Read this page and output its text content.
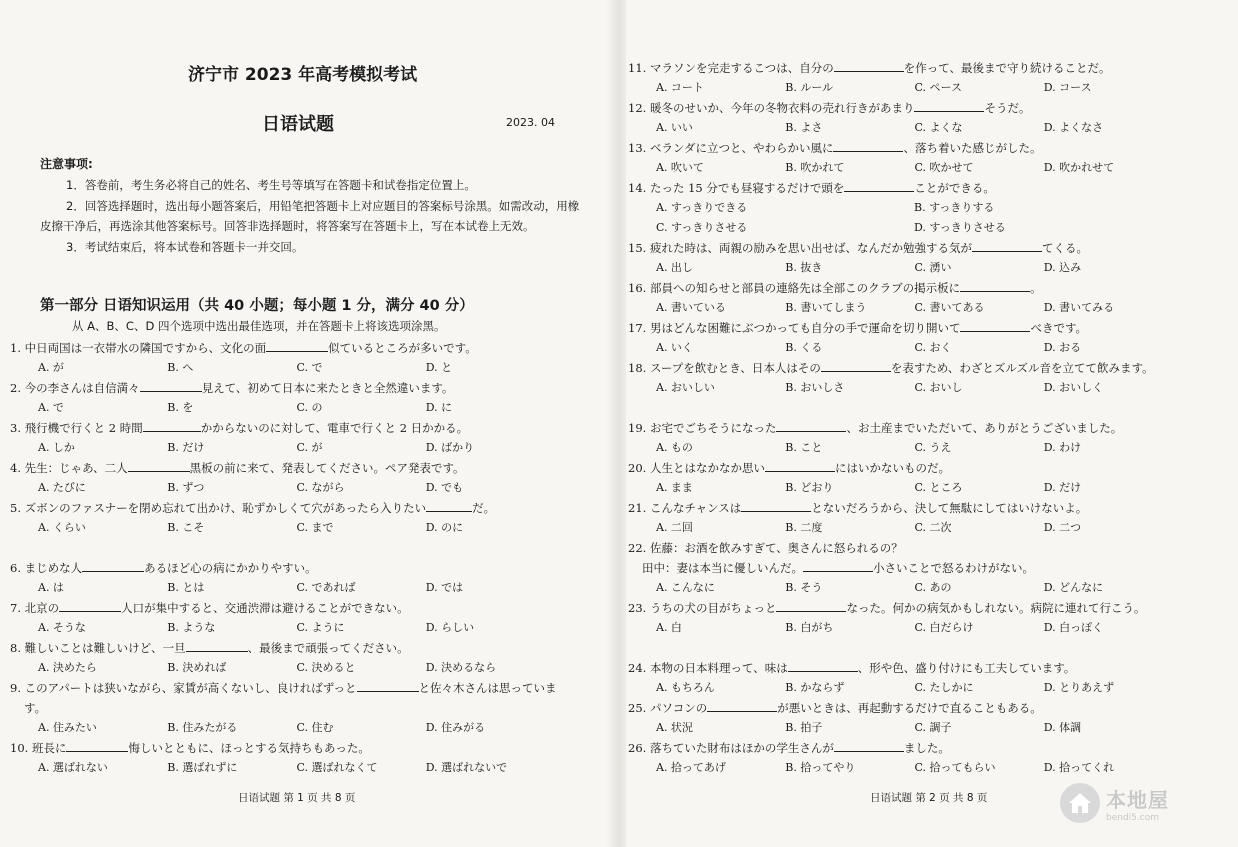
济宁市 2023 年高考模拟考试
日语试题	2023. 04
注意事项:

1．答卷前，考生务必将自己的姓名、考生号等填写在答题卡和试卷指定位置上。

2．回答选择题时，选出每小题答案后，用铅笔把答题卡上对应题目的答案标号涂黑。如需改动，用橡皮擦干净后，再选涂其他答案标号。回答非选择题时，将答案写在答题卡上，写在本试卷上无效。

3．考试结束后，将本试卷和答题卡一并交回。

第一部分 日语知识运用（共 40 小题；每小题 1 分，满分 40 分）
从 A、B、C、D 四个选项中选出最佳选项，并在答题卡上将该选项涂黑。
1. 中日両国は一衣帯水の隣国ですから、文化の面	似ているところが多いです。
A. が	B. へ	C. で	D. と
2. 今の李さんは自信満々	見えて、初めて日本に来たときと全然違います。
A. で	B. を	C. の	D. に
3. 飛行機で行くと 2 時間	かからないのに対して、電車で行くと 2 日かかる。
A. しか	B. だけ	C. が	D. ばかり
4. 先生：じゃあ、二人	黒板の前に来て、発表してください。ペア発表です。
A. たびに	B. ずつ	C. ながら	D. でも
5. ズボンのファスナーを閉め忘れて出かけ、恥ずかしくて穴があったら入りたい	だ。
A. くらい	B. こそ	C. まで	D. のに
6. まじめな人	あるほど心の病にかかりやすい。
A. は	B. とは	C. であれば	D. では
7. 北京の	人口が集中すると、交通渋滞は避けることができない。
A. そうな	B. ような	C. ように	D. らしい
8. 難しいことは難しいけど、一旦	、最後まで頑張ってください。
A. 決めたら	B. 決めれば	C. 決めると	D. 決めるなら
9. このアパートは狭いながら、家賃が高くないし、良ければずっと	と佐々木さんは思っています。
A. 住みたい	B. 住みたがる	C. 住む	D. 住みがる
10. 班長に	悔しいとともに、ほっとする気持ちもあった。
A. 選ばれない	B. 選ばれずに	C. 選ばれなくて	D. 選ばれないで
日语试题 第 1 页 共 8 页
11. マラソンを完走するこつは、自分の	を作って、最後まで守り続けることだ。
A. コート	B. ルール	C. ペース	D. コース
12. 暖冬のせいか、今年の冬物衣料の売れ行きがあまり	そうだ。
A. いい	B. よさ	C. よくな	D. よくなさ
13. ベランダに立つと、やわらかい風に	、落ち着いた感じがした。
A. 吹いて	B. 吹かれて	C. 吹かせて	D. 吹かれせて
14. たった 15 分でも昼寝するだけで頭を	ことができる。
A. すっきりできる	B. すっきりする
C. すっきりさせる	D. すっきりさせる
15. 疲れた時は、両親の励みを思い出せば、なんだか勉強する気が	てくる。
A. 出し	B. 抜き	C. 湧い	D. 込み
16. 部員への知らせと部員の連絡先は全部このクラブの掲示板に	。
A. 書いている	B. 書いてしまう	C. 書いてある	D. 書いてみる
17. 男はどんな困難にぶつかっても自分の手で運命を切り開いて	べきです。
A. いく	B. くる	C. おく	D. おる
18. スープを飲むとき、日本人はその	を表すため、わざとズルズル音を立てて飲みます。
A. おいしい	B. おいしさ	C. おいし	D. おいしく
19. お宅でごちそうになった	、お土産までいただいて、ありがとうございました。
A. もの	B. こと	C. うえ	D. わけ
20. 人生とはなかなか思い	にはいかないものだ。
A. まま	B. どおり	C. ところ	D. だけ
21. こんなチャンスは	とないだろうから、決して無駄にしてはいけないよ。
A. 二回	B. 二度	C. 二次	D. 二つ
22. 佐藤：お酒を飲みすぎて、奥さんに怒られるの？
田中：妻は本当に優しいんだ。	小さいことで怒るわけがない。
A. こんなに	B. そう	C. あの	D. どんなに
23. うちの犬の目がちょっと	なった。何かの病気かもしれない。病院に連れて行こう。
A. 白	B. 白がち	C. 白だらけ	D. 白っぽく
24. 本物の日本料理って、味は	、形や色、盛り付けにも工夫しています。
A. もちろん	B. かならず	C. たしかに	D. とりあえず
25. パソコンの	が悪いときは、再起動するだけで直ることもある。
A. 状況	B. 拍子	C. 調子	D. 体調
26. 落ちていた財布はほかの学生さんが	ました。
A. 拾ってあげ	B. 拾ってやり	C. 拾ってもらい	D. 拾ってくれ
日语试题 第 2 页 共 8 页	本地屋
bendi5.com
